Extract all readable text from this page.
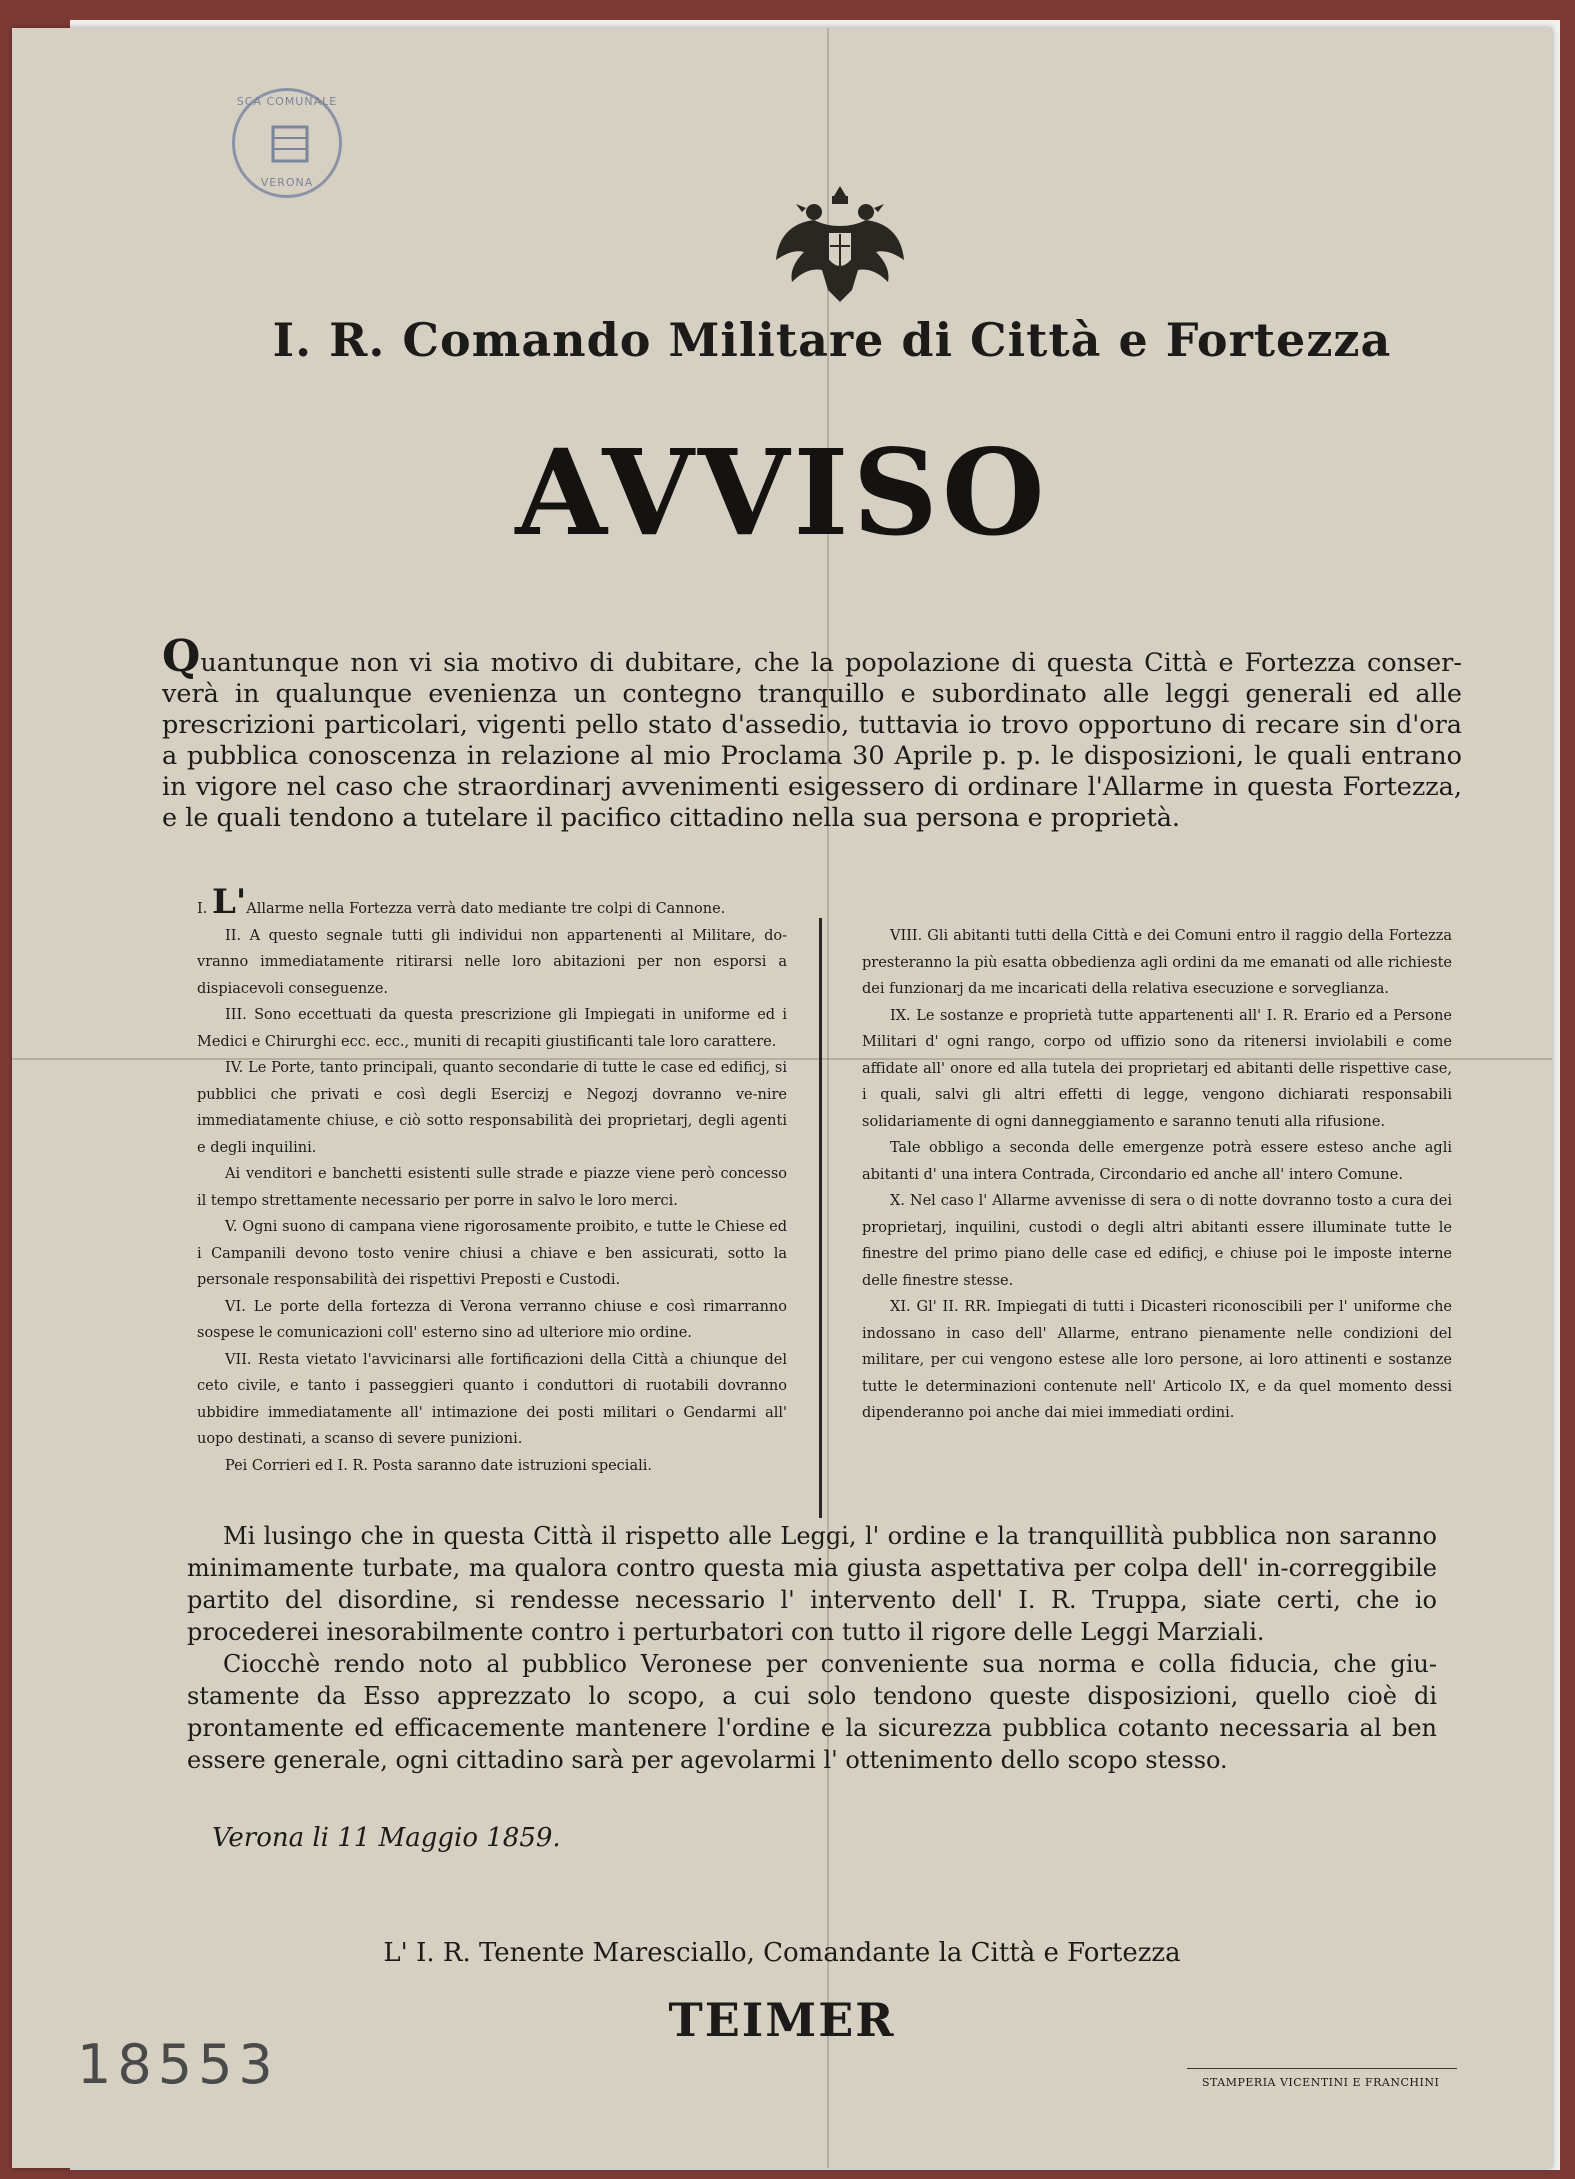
SCA COMUNALE
VERONA
I. R. Comando Militare di Città e Fortezza
AVVISO
Quantunque non vi sia motivo di dubitare, che la popolazione di questa Città e Fortezza conser-verà in qualunque evenienza un contegno tranquillo e subordinato alle leggi generali ed alle prescrizioni particolari, vigenti pello stato d'assedio, tuttavia io trovo opportuno di recare sin d'ora a pubblica conoscenza in relazione al mio Proclama 30 Aprile p. p. le disposizioni, le quali entrano in vigore nel caso che straordinarj avvenimenti esigessero di ordinare l'Allarme in questa Fortezza, e le quali tendono a tutelare il pacifico cittadino nella sua persona e proprietà.

I. L'Allarme nella Fortezza verrà dato mediante tre colpi di Cannone.

II. A questo segnale tutti gli individui non appartenenti al Militare, do-vranno immediatamente ritirarsi nelle loro abitazioni per non esporsi a dispiacevoli conseguenze.

III. Sono eccettuati da questa prescrizione gli Impiegati in uniforme ed i Medici e Chirurghi ecc. ecc., muniti di recapiti giustificanti tale loro carattere.

IV. Le Porte, tanto principali, quanto secondarie di tutte le case ed edificj, si pubblici che privati e così degli Esercizj e Negozj dovranno ve-nire immediatamente chiuse, e ciò sotto responsabilità dei proprietarj, degli agenti e degli inquilini.

Ai venditori e banchetti esistenti sulle strade e piazze viene però concesso il tempo strettamente necessario per porre in salvo le loro merci.

V. Ogni suono di campana viene rigorosamente proibito, e tutte le Chiese ed i Campanili devono tosto venire chiusi a chiave e ben assicurati, sotto la personale responsabilità dei rispettivi Preposti e Custodi.

VI. Le porte della fortezza di Verona verranno chiuse e così rimarranno sospese le comunicazioni coll' esterno sino ad ulteriore mio ordine.

VII. Resta vietato l'avvicinarsi alle fortificazioni della Città a chiunque del ceto civile, e tanto i passeggieri quanto i conduttori di ruotabili dovranno ubbidire immediatamente all' intimazione dei posti militari o Gendarmi all' uopo destinati, a scanso di severe punizioni.

Pei Corrieri ed I. R. Posta saranno date istruzioni speciali.

VIII. Gli abitanti tutti della Città e dei Comuni entro il raggio della Fortezza presteranno la più esatta obbedienza agli ordini da me emanati od alle richieste dei funzionarj da me incaricati della relativa esecuzione e sorveglianza.

IX. Le sostanze e proprietà tutte appartenenti all' I. R. Erario ed a Persone Militari d' ogni rango, corpo od uffizio sono da ritenersi inviolabili e come affidate all' onore ed alla tutela dei proprietarj ed abitanti delle rispettive case, i quali, salvi gli altri effetti di legge, vengono dichiarati responsabili solidariamente di ogni danneggiamento e saranno tenuti alla rifusione.

Tale obbligo a seconda delle emergenze potrà essere esteso anche agli abitanti d' una intera Contrada, Circondario ed anche all' intero Comune.

X. Nel caso l' Allarme avvenisse di sera o di notte dovranno tosto a cura dei proprietarj, inquilini, custodi o degli altri abitanti essere illuminate tutte le finestre del primo piano delle case ed edificj, e chiuse poi le imposte interne delle finestre stesse.

XI. Gl' II. RR. Impiegati di tutti i Dicasteri riconoscibili per l' uniforme che indossano in caso dell' Allarme, entrano pienamente nelle condizioni del militare, per cui vengono estese alle loro persone, ai loro attinenti e sostanze tutte le determinazioni contenute nell' Articolo IX, e da quel momento dessi dipenderanno poi anche dai miei immediati ordini.

Mi lusingo che in questa Città il rispetto alle Leggi, l' ordine e la tranquillità pubblica non saranno minimamente turbate, ma qualora contro questa mia giusta aspettativa per colpa dell' in-correggibile partito del disordine, si rendesse necessario l' intervento dell' I. R. Truppa, siate certi, che io procederei inesorabilmente contro i perturbatori con tutto il rigore delle Leggi Marziali.

Ciocchè rendo noto al pubblico Veronese per conveniente sua norma e colla fiducia, che giu-stamente da Esso apprezzato lo scopo, a cui solo tendono queste disposizioni, quello cioè di prontamente ed efficacemente mantenere l'ordine e la sicurezza pubblica cotanto necessaria al ben essere generale, ogni cittadino sarà per agevolarmi l' ottenimento dello scopo stesso.

Verona li 11 Maggio 1859.
L' I. R. Tenente Maresciallo, Comandante la Città e Fortezza
TEIMER
STAMPERIA VICENTINI E FRANCHINI
18553
